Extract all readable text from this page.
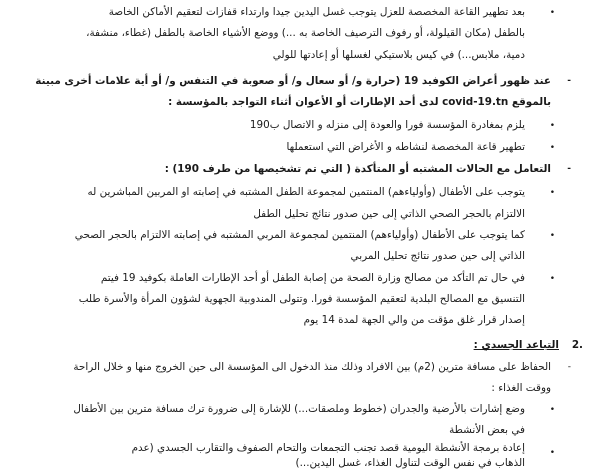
•
بعد تطهير القاعة المخصصة للعزل يتوجب غسل اليدين جيدا وارتداء قفازات لتعقيم الأماكن الخاصة
بالطفل (مكان القيلولة، أو رفوف الترصيف الخاصة به ...) ووضع الأشياء الخاصة بالطفل (غطاء، منشفة،
دمية، ملابس...) في كيس بلاستيكي لغسلها أو إعادتها للولي
-
عند ظهور أعراض الكوفيد 19 (حرارة و/ أو سعال و/ أو صعوبة في التنفس و/ أو أية علامات أخرى مبينة
بالموقع covid-19.tn لدى أحد الإطارات أو الأعوان أثناء التواجد بالمؤسسة :
•
يلزم بمغادرة المؤسسة فورا والعودة إلى منزله و الاتصال ب190
•
تطهير قاعة المخصصة لنشاطه و الأغراض التي استعملها
-
التعامل مع الحالات المشتبه أو المتأكدة ( التي تم تشخيصها من طرف 190) :
•
يتوجب على الأطفال (وأولياءهم) المنتمين لمجموعة الطفل المشتبه في إصابته او المربين المباشرين له
الالتزام بالحجر الصحي الذاتي إلى حين صدور نتائج تحليل الطفل
•
كما يتوجب على الأطفال (وأولياءهم) المنتمين لمجموعة المربي المشتبه في إصابته الالتزام بالحجر الصحي
الذاتي إلى حين صدور نتائج تحليل المربي
•
في حال تم التأكد من مصالح وزارة الصحة من إصابة الطفل أو أحد الإطارات العاملة بكوفيد 19 فيتم
التنسيق مع المصالح البلدية لتعقيم المؤسسة فورا. وتتولى المندوبية الجهوية لشؤون المرأة والأسرة طلب
إصدار قرار غلق مؤقت من والي الجهة لمدة 14 يوم
.2
التباعد الجسدي :
-
الحفاظ على مسافة مترين (2م) بين الافراد وذلك منذ الدخول الى المؤسسة الى حين الخروج منها و خلال الراحة
ووقت الغذاء :
•
وضع إشارات بالأرضية والجدران (خطوط وملصقات...) للإشارة إلى ضرورة ترك مسافة مترين بين الأطفال
في بعض الأنشطة
•
إعادة برمجة الأنشطة اليومية قصد تجنب التجمعات والتحام الصفوف والتقارب الجسدي (عدم
الذهاب في نفس الوقت لتناول الغذاء، غسل اليدين...)
